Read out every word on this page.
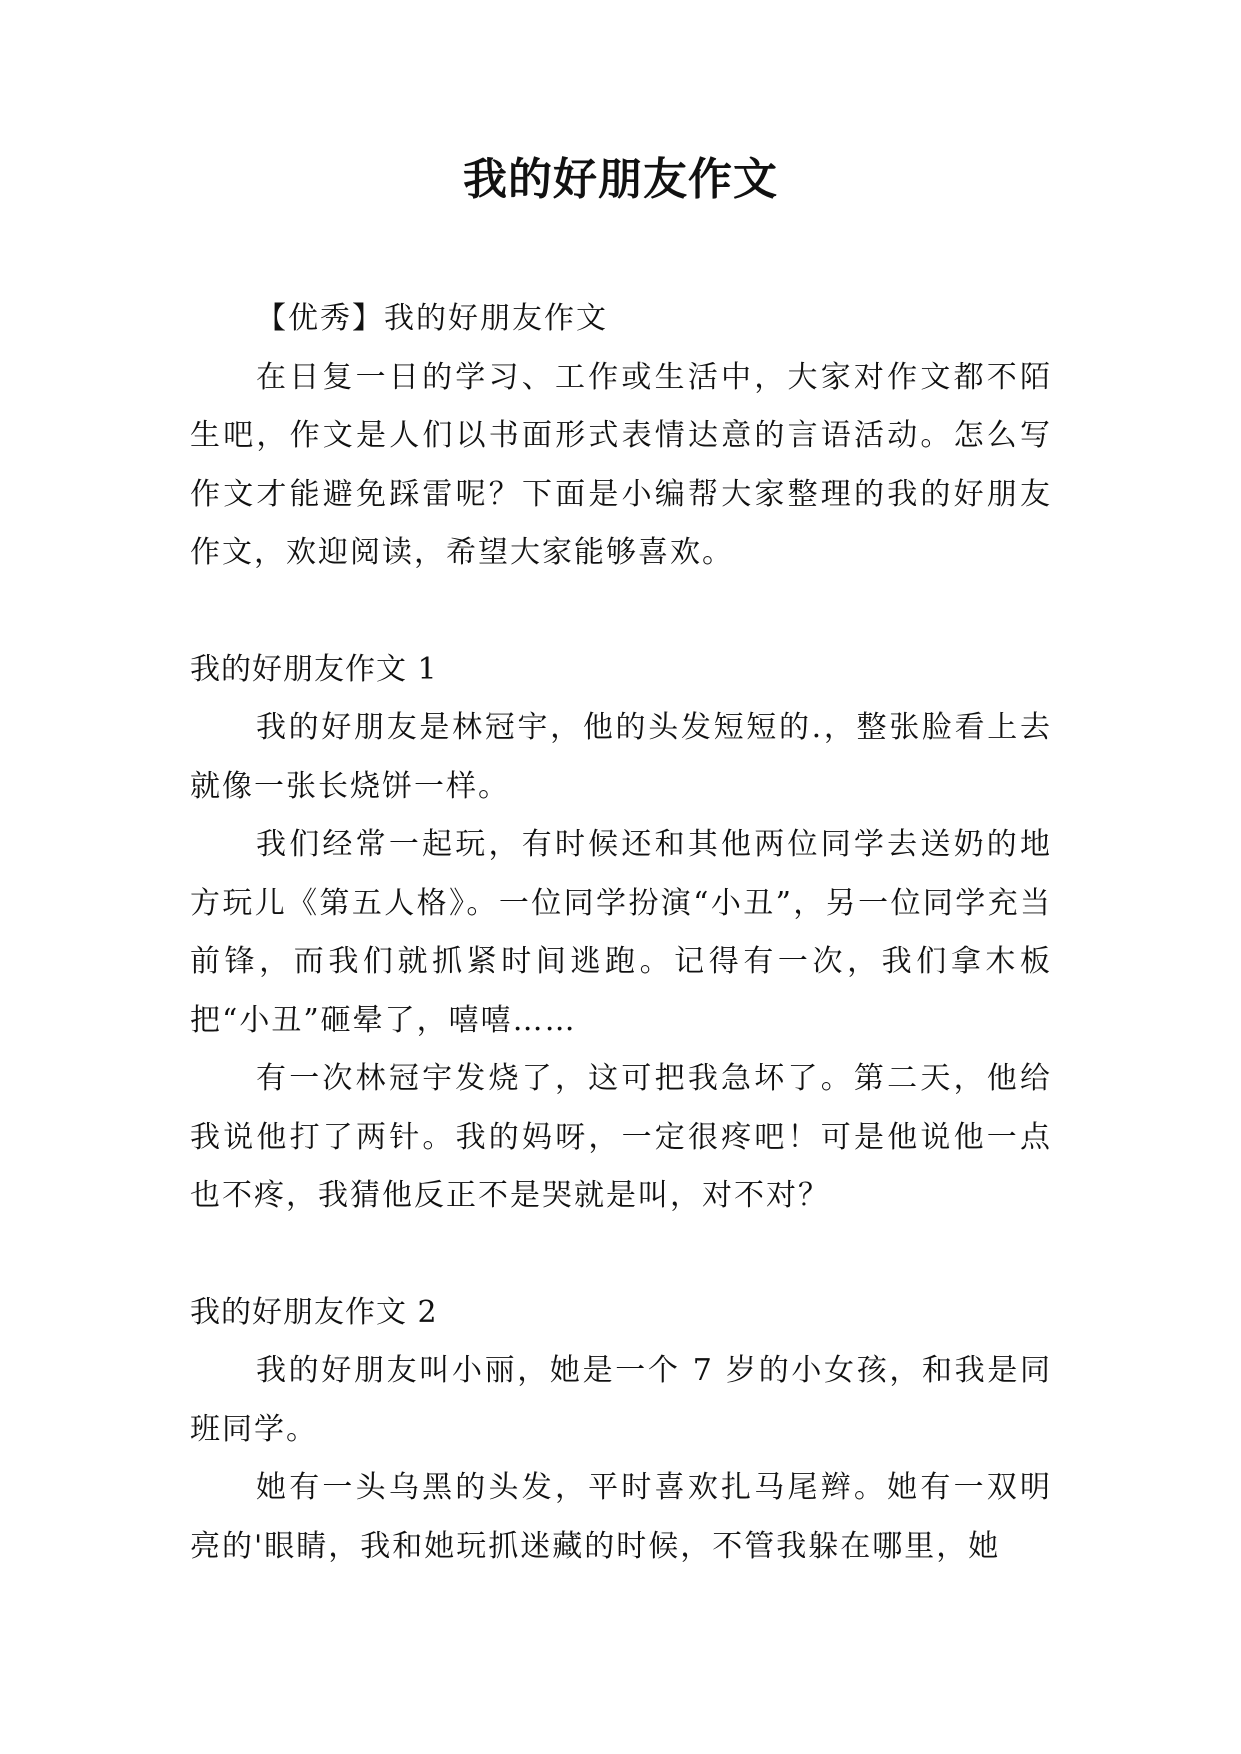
我的好朋友作文

【优秀】我的好朋友作文

在日复一日的学习、工作或生活中，大家对作文都不陌生吧，作文是人们以书面形式表情达意的言语活动。怎么写作文才能避免踩雷呢？下面是小编帮大家整理的我的好朋友作文，欢迎阅读，希望大家能够喜欢。

我的好朋友作文 1

我的好朋友是林冠宇，他的头发短短的.，整张脸看上去就像一张长烧饼一样。

我们经常一起玩，有时候还和其他两位同学去送奶的地方玩儿《第五人格》。一位同学扮演“小丑”，另一位同学充当前锋，而我们就抓紧时间逃跑。记得有一次，我们拿木板把“小丑”砸晕了，嘻嘻……

有一次林冠宇发烧了，这可把我急坏了。第二天，他给我说他打了两针。我的妈呀，一定很疼吧！可是他说他一点也不疼，我猜他反正不是哭就是叫，对不对？

我的好朋友作文 2

我的好朋友叫小丽，她是一个 7 岁的小女孩，和我是同班同学。

她有一头乌黑的头发，平时喜欢扎马尾辫。她有一双明亮的'眼睛，我和她玩抓迷藏的时候，不管我躲在哪里，她
